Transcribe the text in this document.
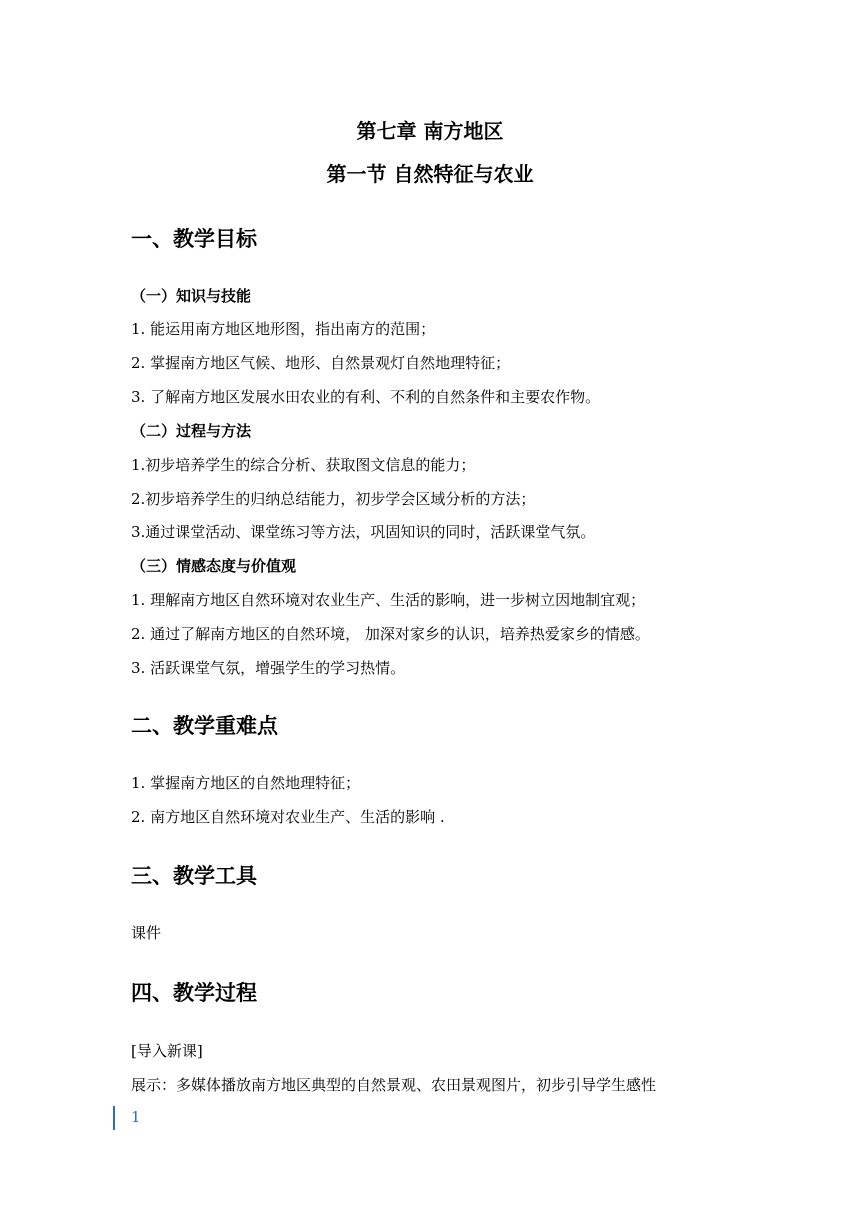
第七章 南方地区
第一节 自然特征与农业
一、教学目标
（一）知识与技能
1. 能运用南方地区地形图，指出南方的范围；
2. 掌握南方地区气候、地形、自然景观灯自然地理特征；
3. 了解南方地区发展水田农业的有利、不利的自然条件和主要农作物。
（二）过程与方法
1.初步培养学生的综合分析、获取图文信息的能力；
2.初步培养学生的归纳总结能力，初步学会区域分析的方法；
3.通过课堂活动、课堂练习等方法，巩固知识的同时，活跃课堂气氛。
（三）情感态度与价值观
1. 理解南方地区自然环境对农业生产、生活的影响，进一步树立因地制宜观；
2. 通过了解南方地区的自然环境， 加深对家乡的认识，培养热爱家乡的情感。
3. 活跃课堂气氛，增强学生的学习热情。
二、教学重难点
1. 掌握南方地区的自然地理特征；
2. 南方地区自然环境对农业生产、生活的影响 .
三、教学工具
课件
四、教学过程
[导入新课]
展示：多媒体播放南方地区典型的自然景观、农田景观图片，初步引导学生感性
1
